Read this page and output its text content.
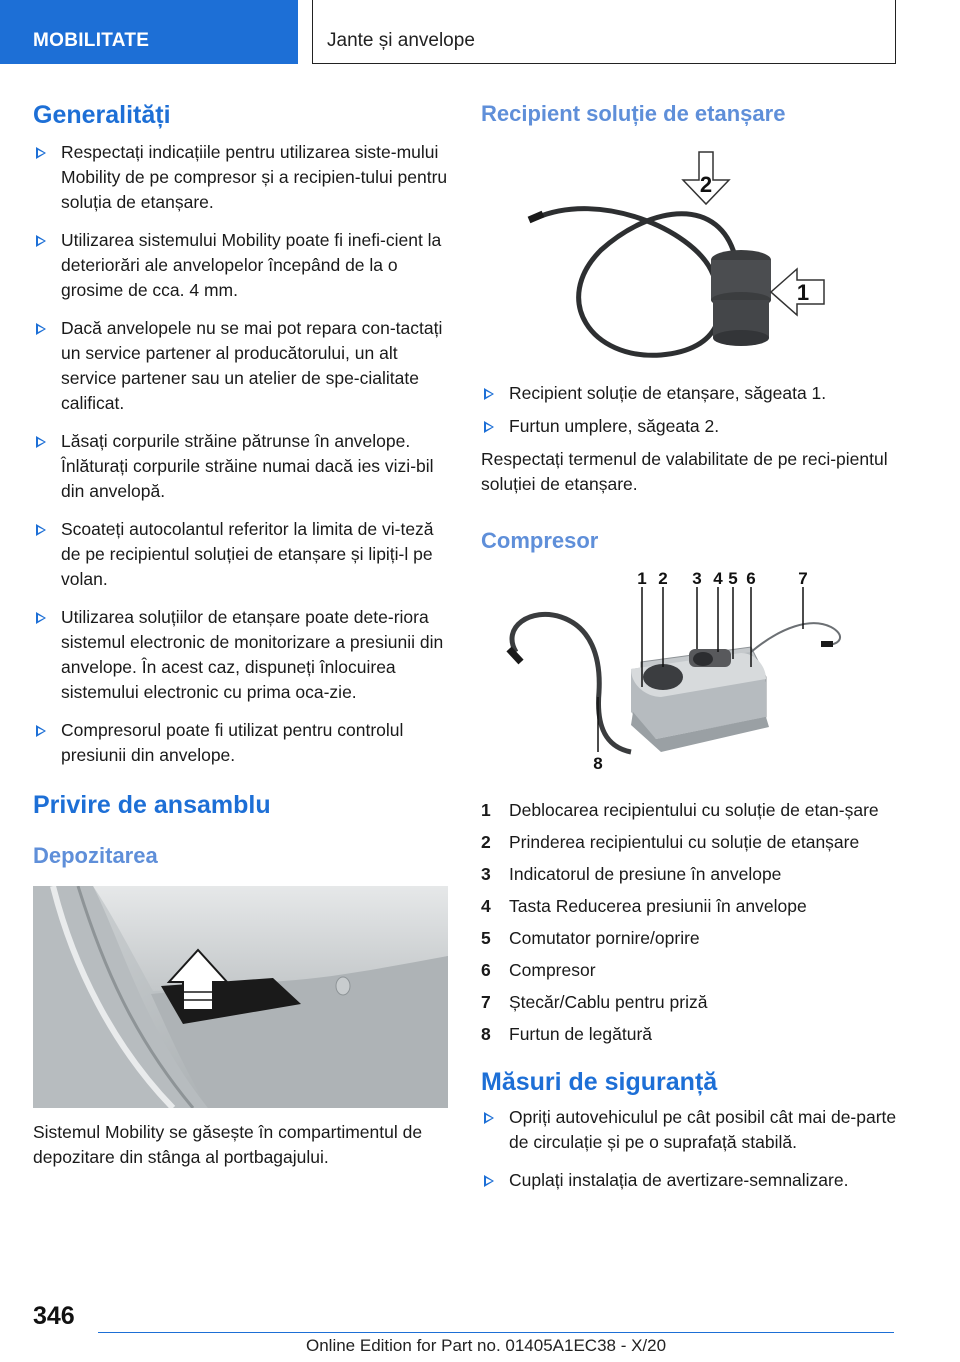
MOBILITATE	Jante și anvelope
Generalități
Respectați indicațiile pentru utilizarea siste-mului Mobility de pe compresor și a recipien-tului pentru soluția de etanșare.
Utilizarea sistemului Mobility poate fi inefi-cient la deteriorări ale anvelopelor începând de la o grosime de cca. 4 mm.
Dacă anvelopele nu se mai pot repara con-tactați un service partener al producătorului, un alt service partener sau un atelier de spe-cialitate calificat.
Lăsați corpurile străine pătrunse în anvelope. Înlăturați corpurile străine numai dacă ies vizi-bil din anvelopă.
Scoateți autocolantul referitor la limita de vi-teză de pe recipientul soluției de etanșare și lipiți-l pe volan.
Utilizarea soluțiilor de etanșare poate dete-riora sistemul electronic de monitorizare a presiunii din anvelope. În acest caz, dispuneți înlocuirea sistemului electronic cu prima oca-zie.
Compresorul poate fi utilizat pentru controlul presiunii din anvelope.
Privire de ansamblu
Depozitarea

Sistemul Mobility se găsește în compartimentul de depozitare din stânga al portbagajului.

Recipient soluție de etanșare
2
1
Recipient soluție de etanșare, săgeata 1.
Furtun umplere, săgeata 2.

Respectați termenul de valabilitate de pe reci-pientul soluției de etanșare.

Compresor
1 2 3 4 5 6	7
8
1 Deblocarea recipientului cu soluție de etan-șare
2 Prinderea recipientului cu soluție de etanșare
3 Indicatorul de presiune în anvelope
4 Tasta Reducerea presiunii în anvelope
5 Comutator pornire/oprire
6 Compresor
7 Ștecăr/Cablu pentru priză
8 Furtun de legătură
Măsuri de siguranță
Opriți autovehiculul pe cât posibil cât mai de-parte de circulație și pe o suprafață stabilă.
Cuplați instalația de avertizare-semnalizare.
346
Online Edition for Part no. 01405A1EC38 - X/20
